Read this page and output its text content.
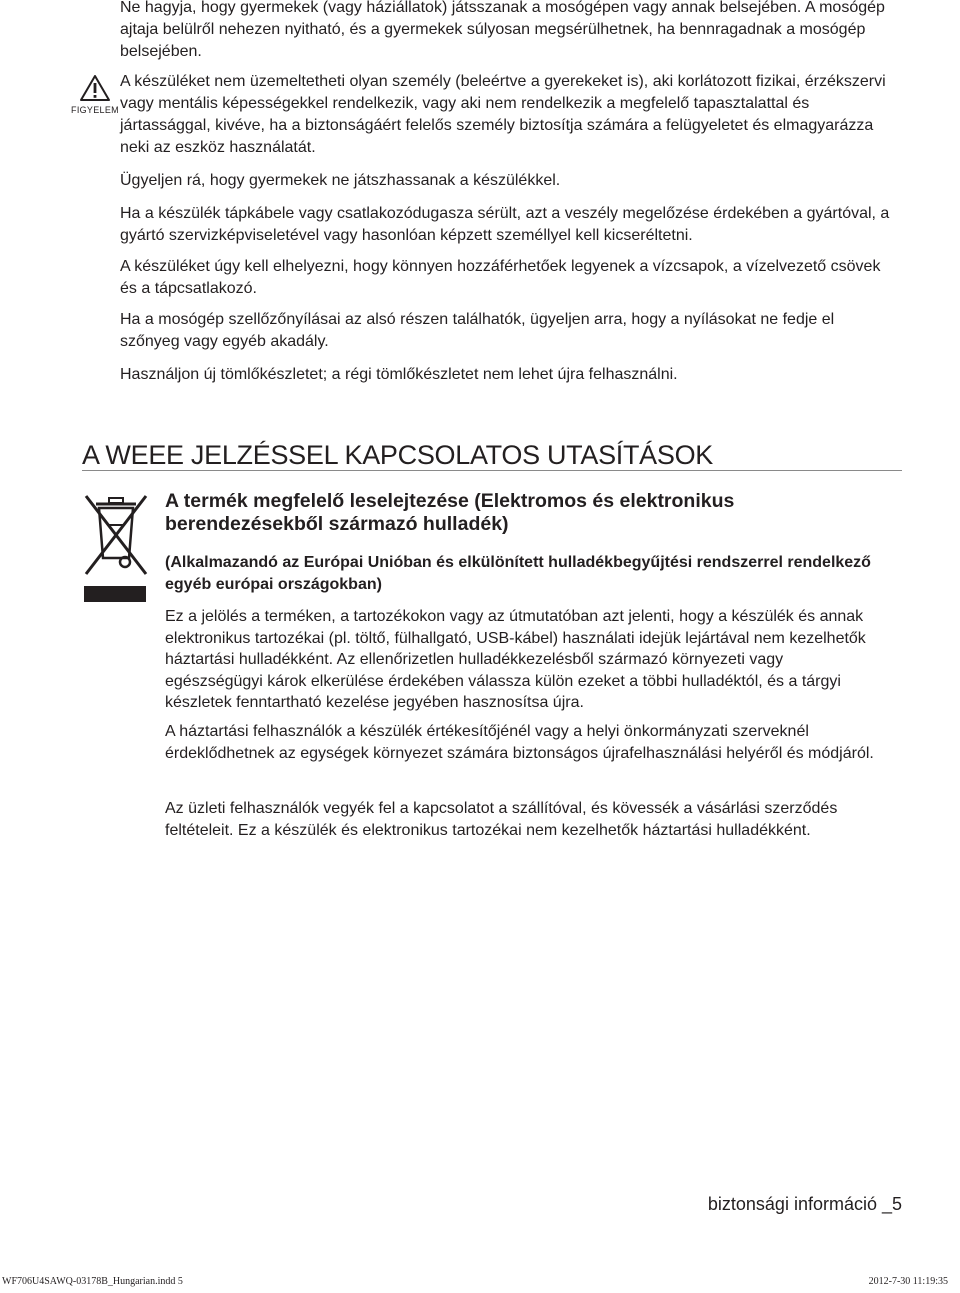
Ne hagyja, hogy gyermekek (vagy háziállatok) játsszanak a mosógépen vagy annak belsejében. A mosógép ajtaja belülről nehezen nyitható, és a gyermekek súlyosan megsérülhetnek, ha bennragadnak a mosógép belsejében.

FIGYELEM

A készüléket nem üzemeltetheti olyan személy (beleértve a gyerekeket is), aki korlátozott fizikai, érzékszervi vagy mentális képességekkel rendelkezik, vagy aki nem rendelkezik a megfelelő tapasztalattal és jártassággal, kivéve, ha a biztonságáért felelős személy biztosítja számára a felügyeletet és elmagyarázza neki az eszköz használatát.

Ügyeljen rá, hogy gyermekek ne játszhassanak a készülékkel.

Ha a készülék tápkábele vagy csatlakozódugasza sérült, azt a veszély megelőzése érdekében a gyártóval, a gyártó szervizképviseletével vagy hasonlóan képzett személlyel kell kicseréltetni.

A készüléket úgy kell elhelyezni, hogy könnyen hozzáférhetőek legyenek a vízcsapok, a vízelvezető csövek és a tápcsatlakozó.

Ha a mosógép szellőzőnyílásai az alsó részen találhatók, ügyeljen arra, hogy a nyílásokat ne fedje el szőnyeg vagy egyéb akadály.

Használjon új tömlőkészletet; a régi tömlőkészletet nem lehet újra felhasználni.

A WEEE JELZÉSSEL KAPCSOLATOS UTASÍTÁSOK
A termék megfelelő leselejtezése (Elektromos és elektronikus berendezésekből származó hulladék)

(Alkalmazandó az Európai Unióban és elkülönített hulladékbegyűjtési rendszerrel rendelkező egyéb európai országokban)

Ez a jelölés a terméken, a tartozékokon vagy az útmutatóban azt jelenti, hogy a készülék és annak elektronikus tartozékai (pl. töltő, fülhallgató, USB-kábel) használati idejük lejártával nem kezelhetők háztartási hulladékként. Az ellenőrizetlen hulladékkezelésből származó környezeti vagy egészségügyi károk elkerülése érdekében válassza külön ezeket a többi hulladéktól, és a tárgyi készletek fenntartható kezelése jegyében hasznosítsa újra.

A háztartási felhasználók a készülék értékesítőjénél vagy a helyi önkormányzati szerveknél érdeklődhetnek az egységek környezet számára biztonságos újrafelhasználási helyéről és módjáról.

Az üzleti felhasználók vegyék fel a kapcsolatot a szállítóval, és kövessék a vásárlási szerződés feltételeit. Ez a készülék és elektronikus tartozékai nem kezelhetők háztartási hulladékként.

biztonsági információ _5
WF706U4SAWQ-03178B_Hungarian.indd 5	2012-7-30 11:19:35
